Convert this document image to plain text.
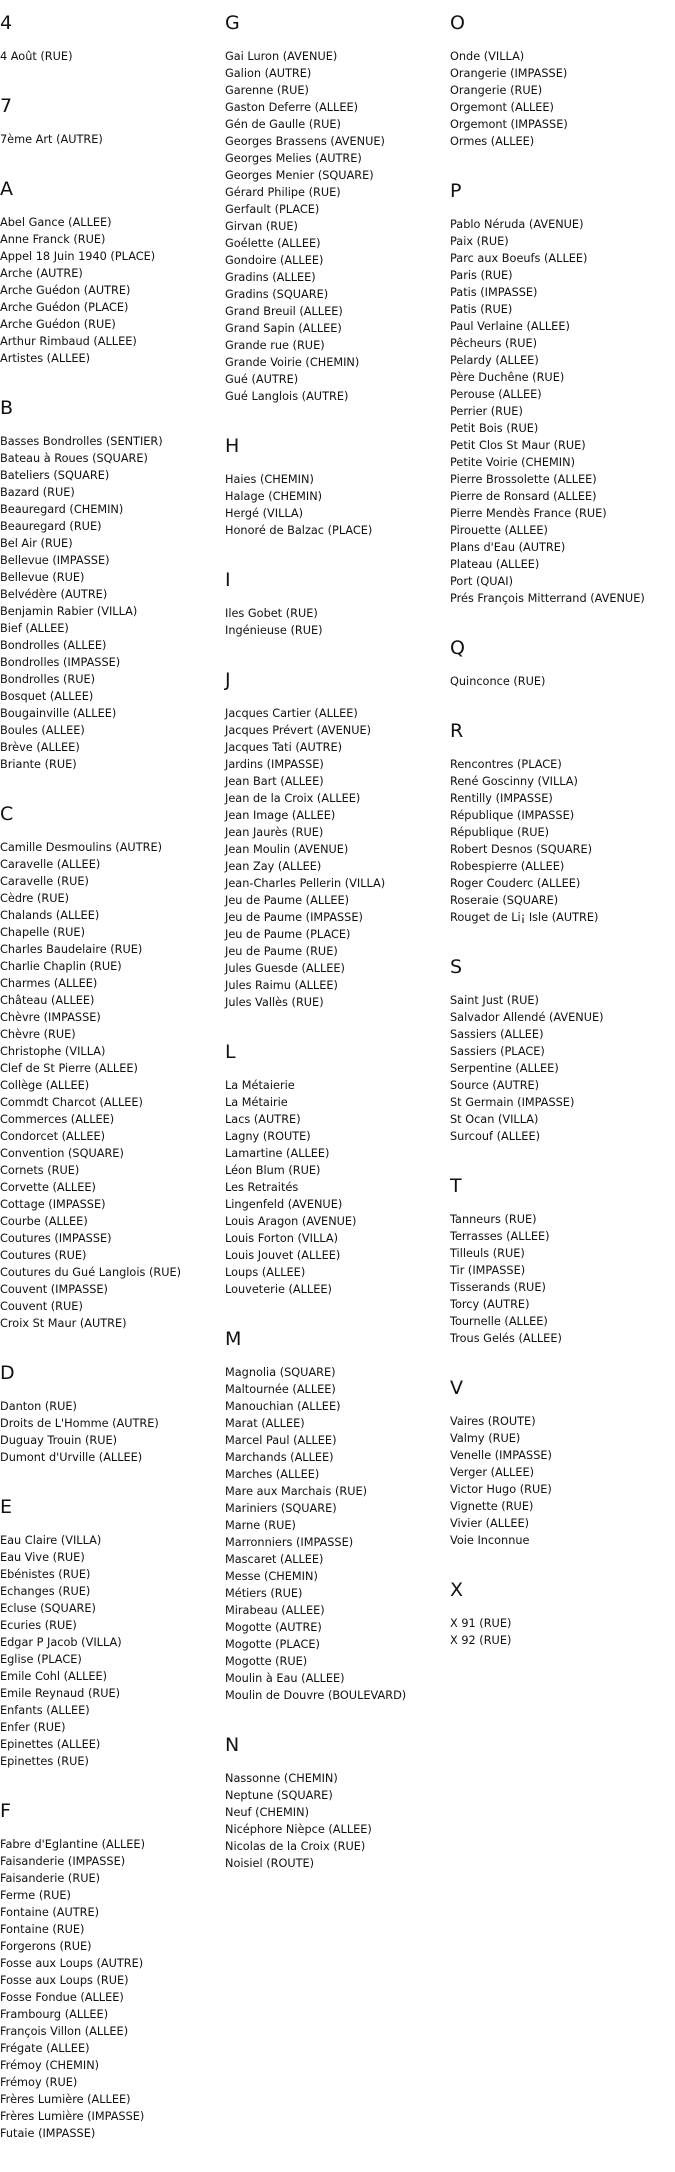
4
4 Août (RUE)
7
7ème Art (AUTRE)
A
Abel Gance (ALLEE)
Anne Franck (RUE)
Appel 18 Juin 1940 (PLACE)
Arche (AUTRE)
Arche Guédon (AUTRE)
Arche Guédon (PLACE)
Arche Guédon (RUE)
Arthur Rimbaud (ALLEE)
Artistes (ALLEE)
B
Basses Bondrolles (SENTIER)
Bateau à Roues (SQUARE)
Bateliers (SQUARE)
Bazard (RUE)
Beauregard (CHEMIN)
Beauregard (RUE)
Bel Air (RUE)
Bellevue (IMPASSE)
Bellevue (RUE)
Belvédère (AUTRE)
Benjamin Rabier (VILLA)
Bief (ALLEE)
Bondrolles (ALLEE)
Bondrolles (IMPASSE)
Bondrolles (RUE)
Bosquet (ALLEE)
Bougainville (ALLEE)
Boules (ALLEE)
Brève (ALLEE)
Briante (RUE)
C
Camille Desmoulins (AUTRE)
Caravelle (ALLEE)
Caravelle (RUE)
Cèdre (RUE)
Chalands (ALLEE)
Chapelle (RUE)
Charles Baudelaire (RUE)
Charlie Chaplin (RUE)
Charmes (ALLEE)
Château (ALLEE)
Chèvre (IMPASSE)
Chèvre (RUE)
Christophe (VILLA)
Clef de St Pierre (ALLEE)
Collège (ALLEE)
Commdt Charcot (ALLEE)
Commerces (ALLEE)
Condorcet (ALLEE)
Convention (SQUARE)
Cornets (RUE)
Corvette (ALLEE)
Cottage (IMPASSE)
Courbe (ALLEE)
Coutures (IMPASSE)
Coutures (RUE)
Coutures du Gué Langlois (RUE)
Couvent (IMPASSE)
Couvent (RUE)
Croix St Maur (AUTRE)
D
Danton (RUE)
Droits de L'Homme (AUTRE)
Duguay Trouin (RUE)
Dumont d'Urville (ALLEE)
E
Eau Claire (VILLA)
Eau Vive (RUE)
Ebénistes (RUE)
Echanges (RUE)
Ecluse (SQUARE)
Ecuries (RUE)
Edgar P Jacob (VILLA)
Eglise (PLACE)
Emile Cohl (ALLEE)
Emile Reynaud (RUE)
Enfants (ALLEE)
Enfer (RUE)
Epinettes (ALLEE)
Epinettes (RUE)
F
Fabre d'Eglantine (ALLEE)
Faisanderie (IMPASSE)
Faisanderie (RUE)
Ferme (RUE)
Fontaine (AUTRE)
Fontaine (RUE)
Forgerons (RUE)
Fosse aux Loups (AUTRE)
Fosse aux Loups (RUE)
Fosse Fondue (ALLEE)
Frambourg (ALLEE)
François Villon (ALLEE)
Frégate (ALLEE)
Frémoy (CHEMIN)
Frémoy (RUE)
Frères Lumière (ALLEE)
Frères Lumière (IMPASSE)
Futaie (IMPASSE)
G
Gai Luron (AVENUE)
Galion (AUTRE)
Garenne (RUE)
Gaston Deferre (ALLEE)
Gén de Gaulle (RUE)
Georges Brassens (AVENUE)
Georges Melies (AUTRE)
Georges Menier (SQUARE)
Gérard Philipe (RUE)
Gerfault (PLACE)
Girvan (RUE)
Goélette (ALLEE)
Gondoire (ALLEE)
Gradins (ALLEE)
Gradins (SQUARE)
Grand Breuil (ALLEE)
Grand Sapin (ALLEE)
Grande rue (RUE)
Grande Voirie (CHEMIN)
Gué (AUTRE)
Gué Langlois (AUTRE)
H
Haies (CHEMIN)
Halage (CHEMIN)
Hergé (VILLA)
Honoré de Balzac (PLACE)
I
Iles Gobet (RUE)
Ingénieuse (RUE)
J
Jacques Cartier (ALLEE)
Jacques Prévert (AVENUE)
Jacques Tati (AUTRE)
Jardins (IMPASSE)
Jean Bart (ALLEE)
Jean de la Croix (ALLEE)
Jean Image (ALLEE)
Jean Jaurès (RUE)
Jean Moulin (AVENUE)
Jean Zay (ALLEE)
Jean-Charles Pellerin (VILLA)
Jeu de Paume (ALLEE)
Jeu de Paume (IMPASSE)
Jeu de Paume (PLACE)
Jeu de Paume (RUE)
Jules Guesde (ALLEE)
Jules Raimu (ALLEE)
Jules Vallès (RUE)
L
La Métaierie
La Métairie
Lacs (AUTRE)
Lagny (ROUTE)
Lamartine (ALLEE)
Léon Blum (RUE)
Les Retraités
Lingenfeld (AVENUE)
Louis Aragon (AVENUE)
Louis Forton (VILLA)
Louis Jouvet (ALLEE)
Loups (ALLEE)
Louveterie (ALLEE)
M
Magnolia (SQUARE)
Maltournée (ALLEE)
Manouchian (ALLEE)
Marat (ALLEE)
Marcel Paul (ALLEE)
Marchands (ALLEE)
Marches (ALLEE)
Mare aux Marchais (RUE)
Mariniers (SQUARE)
Marne (RUE)
Marronniers (IMPASSE)
Mascaret (ALLEE)
Messe (CHEMIN)
Métiers (RUE)
Mirabeau (ALLEE)
Mogotte (AUTRE)
Mogotte (PLACE)
Mogotte (RUE)
Moulin à Eau (ALLEE)
Moulin de Douvre (BOULEVARD)
N
Nassonne (CHEMIN)
Neptune (SQUARE)
Neuf (CHEMIN)
Nicéphore Nièpce (ALLEE)
Nicolas de la Croix (RUE)
Noisiel (ROUTE)
O
Onde (VILLA)
Orangerie (IMPASSE)
Orangerie (RUE)
Orgemont (ALLEE)
Orgemont (IMPASSE)
Ormes (ALLEE)
P
Pablo Néruda (AVENUE)
Paix (RUE)
Parc aux Boeufs (ALLEE)
Paris (RUE)
Patis (IMPASSE)
Patis (RUE)
Paul Verlaine (ALLEE)
Pêcheurs (RUE)
Pelardy (ALLEE)
Père Duchêne (RUE)
Perouse (ALLEE)
Perrier (RUE)
Petit Bois (RUE)
Petit Clos St Maur (RUE)
Petite Voirie (CHEMIN)
Pierre Brossolette (ALLEE)
Pierre de Ronsard (ALLEE)
Pierre Mendès France (RUE)
Pirouette (ALLEE)
Plans d'Eau (AUTRE)
Plateau (ALLEE)
Port (QUAI)
Prés François Mitterrand (AVENUE)
Q
Quinconce (RUE)
R
Rencontres (PLACE)
René Goscinny (VILLA)
Rentilly (IMPASSE)
République (IMPASSE)
République (RUE)
Robert Desnos (SQUARE)
Robespierre (ALLEE)
Roger Couderc (ALLEE)
Roseraie (SQUARE)
Rouget de Li¡ Isle (AUTRE)
S
Saint Just (RUE)
Salvador Allendé (AVENUE)
Sassiers (ALLEE)
Sassiers (PLACE)
Serpentine (ALLEE)
Source (AUTRE)
St Germain (IMPASSE)
St Ocan (VILLA)
Surcouf (ALLEE)
T
Tanneurs (RUE)
Terrasses (ALLEE)
Tilleuls (RUE)
Tir (IMPASSE)
Tisserands (RUE)
Torcy (AUTRE)
Tournelle (ALLEE)
Trous Gelés (ALLEE)
V
Vaires (ROUTE)
Valmy (RUE)
Venelle (IMPASSE)
Verger (ALLEE)
Victor Hugo (RUE)
Vignette (RUE)
Vivier (ALLEE)
Voie Inconnue
X
X 91 (RUE)
X 92 (RUE)
